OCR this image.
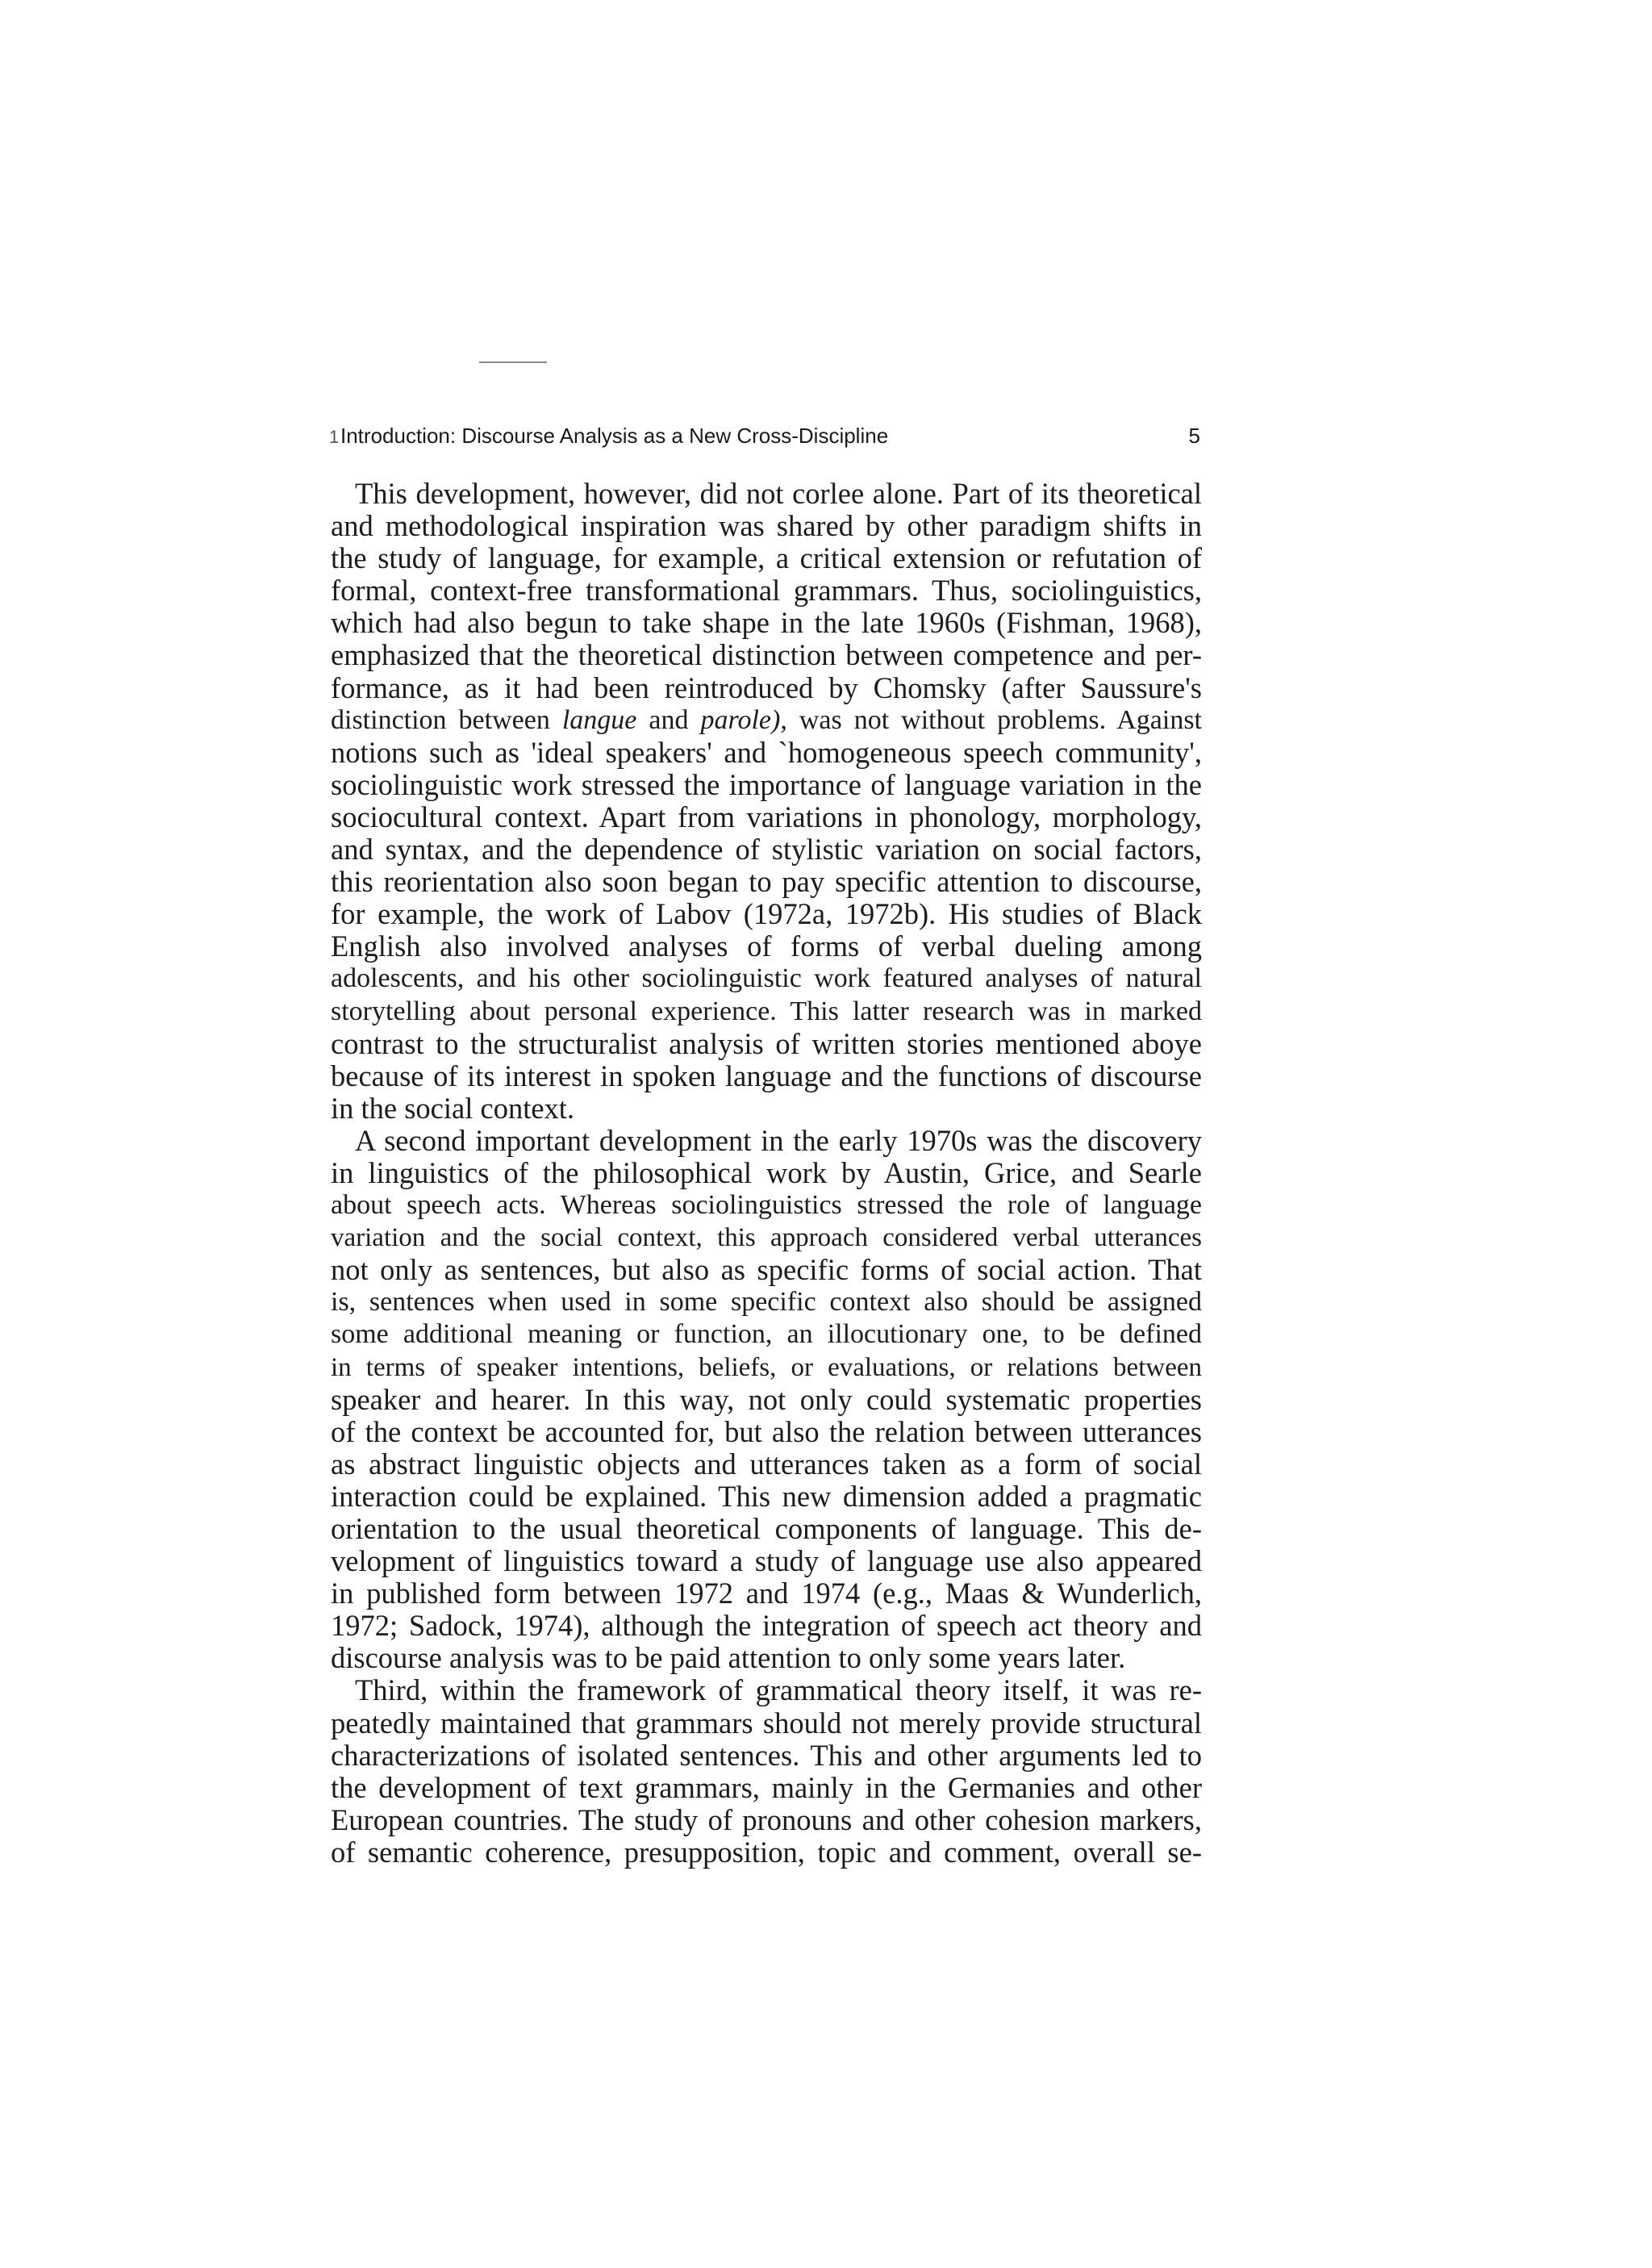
1Introduction: Discourse Analysis as a New Cross-Discipline	5
This development, however, did not corlee alone. Part of its theoretical
and methodological inspiration was shared by other paradigm shifts in
the study of language, for example, a critical extension or refutation of
formal, context-free transformational grammars. Thus, sociolinguistics,
which had also begun to take shape in the late 1960s (Fishman, 1968),
emphasized that the theoretical distinction between competence and per-
formance, as it had been reintroduced by Chomsky (after Saussure's
distinction between langue and parole), was not without problems. Against
notions such as 'ideal speakers' and `homogeneous speech community',
sociolinguistic work stressed the importance of language variation in the
sociocultural context. Apart from variations in phonology, morphology,
and syntax, and the dependence of stylistic variation on social factors,
this reorientation also soon began to pay specific attention to discourse,
for example, the work of Labov (1972a, 1972b). His studies of Black
English also involved analyses of forms of verbal dueling among
adolescents, and his other sociolinguistic work featured analyses of natural
storytelling about personal experience. This latter research was in marked
contrast to the structuralist analysis of written stories mentioned aboye
because of its interest in spoken language and the functions of discourse
in the social context.
A second important development in the early 1970s was the discovery
in linguistics of the philosophical work by Austin, Grice, and Searle
about speech acts. Whereas sociolinguistics stressed the role of language
variation and the social context, this approach considered verbal utterances
not only as sentences, but also as specific forms of social action. That
is, sentences when used in some specific context also should be assigned
some additional meaning or function, an illocutionary one, to be defined
in terms of speaker intentions, beliefs, or evaluations, or relations between
speaker and hearer. In this way, not only could systematic properties
of the context be accounted for, but also the relation between utterances
as abstract linguistic objects and utterances taken as a form of social
interaction could be explained. This new dimension added a pragmatic
orientation to the usual theoretical components of language. This de-
velopment of linguistics toward a study of language use also appeared
in published form between 1972 and 1974 (e.g., Maas & Wunderlich,
1972; Sadock, 1974), although the integration of speech act theory and
discourse analysis was to be paid attention to only some years later.
Third, within the framework of grammatical theory itself, it was re-
peatedly maintained that grammars should not merely provide structural
characterizations of isolated sentences. This and other arguments led to
the development of text grammars, mainly in the Germanies and other
European countries. The study of pronouns and other cohesion markers,
of semantic coherence, presupposition, topic and comment, overall se-
